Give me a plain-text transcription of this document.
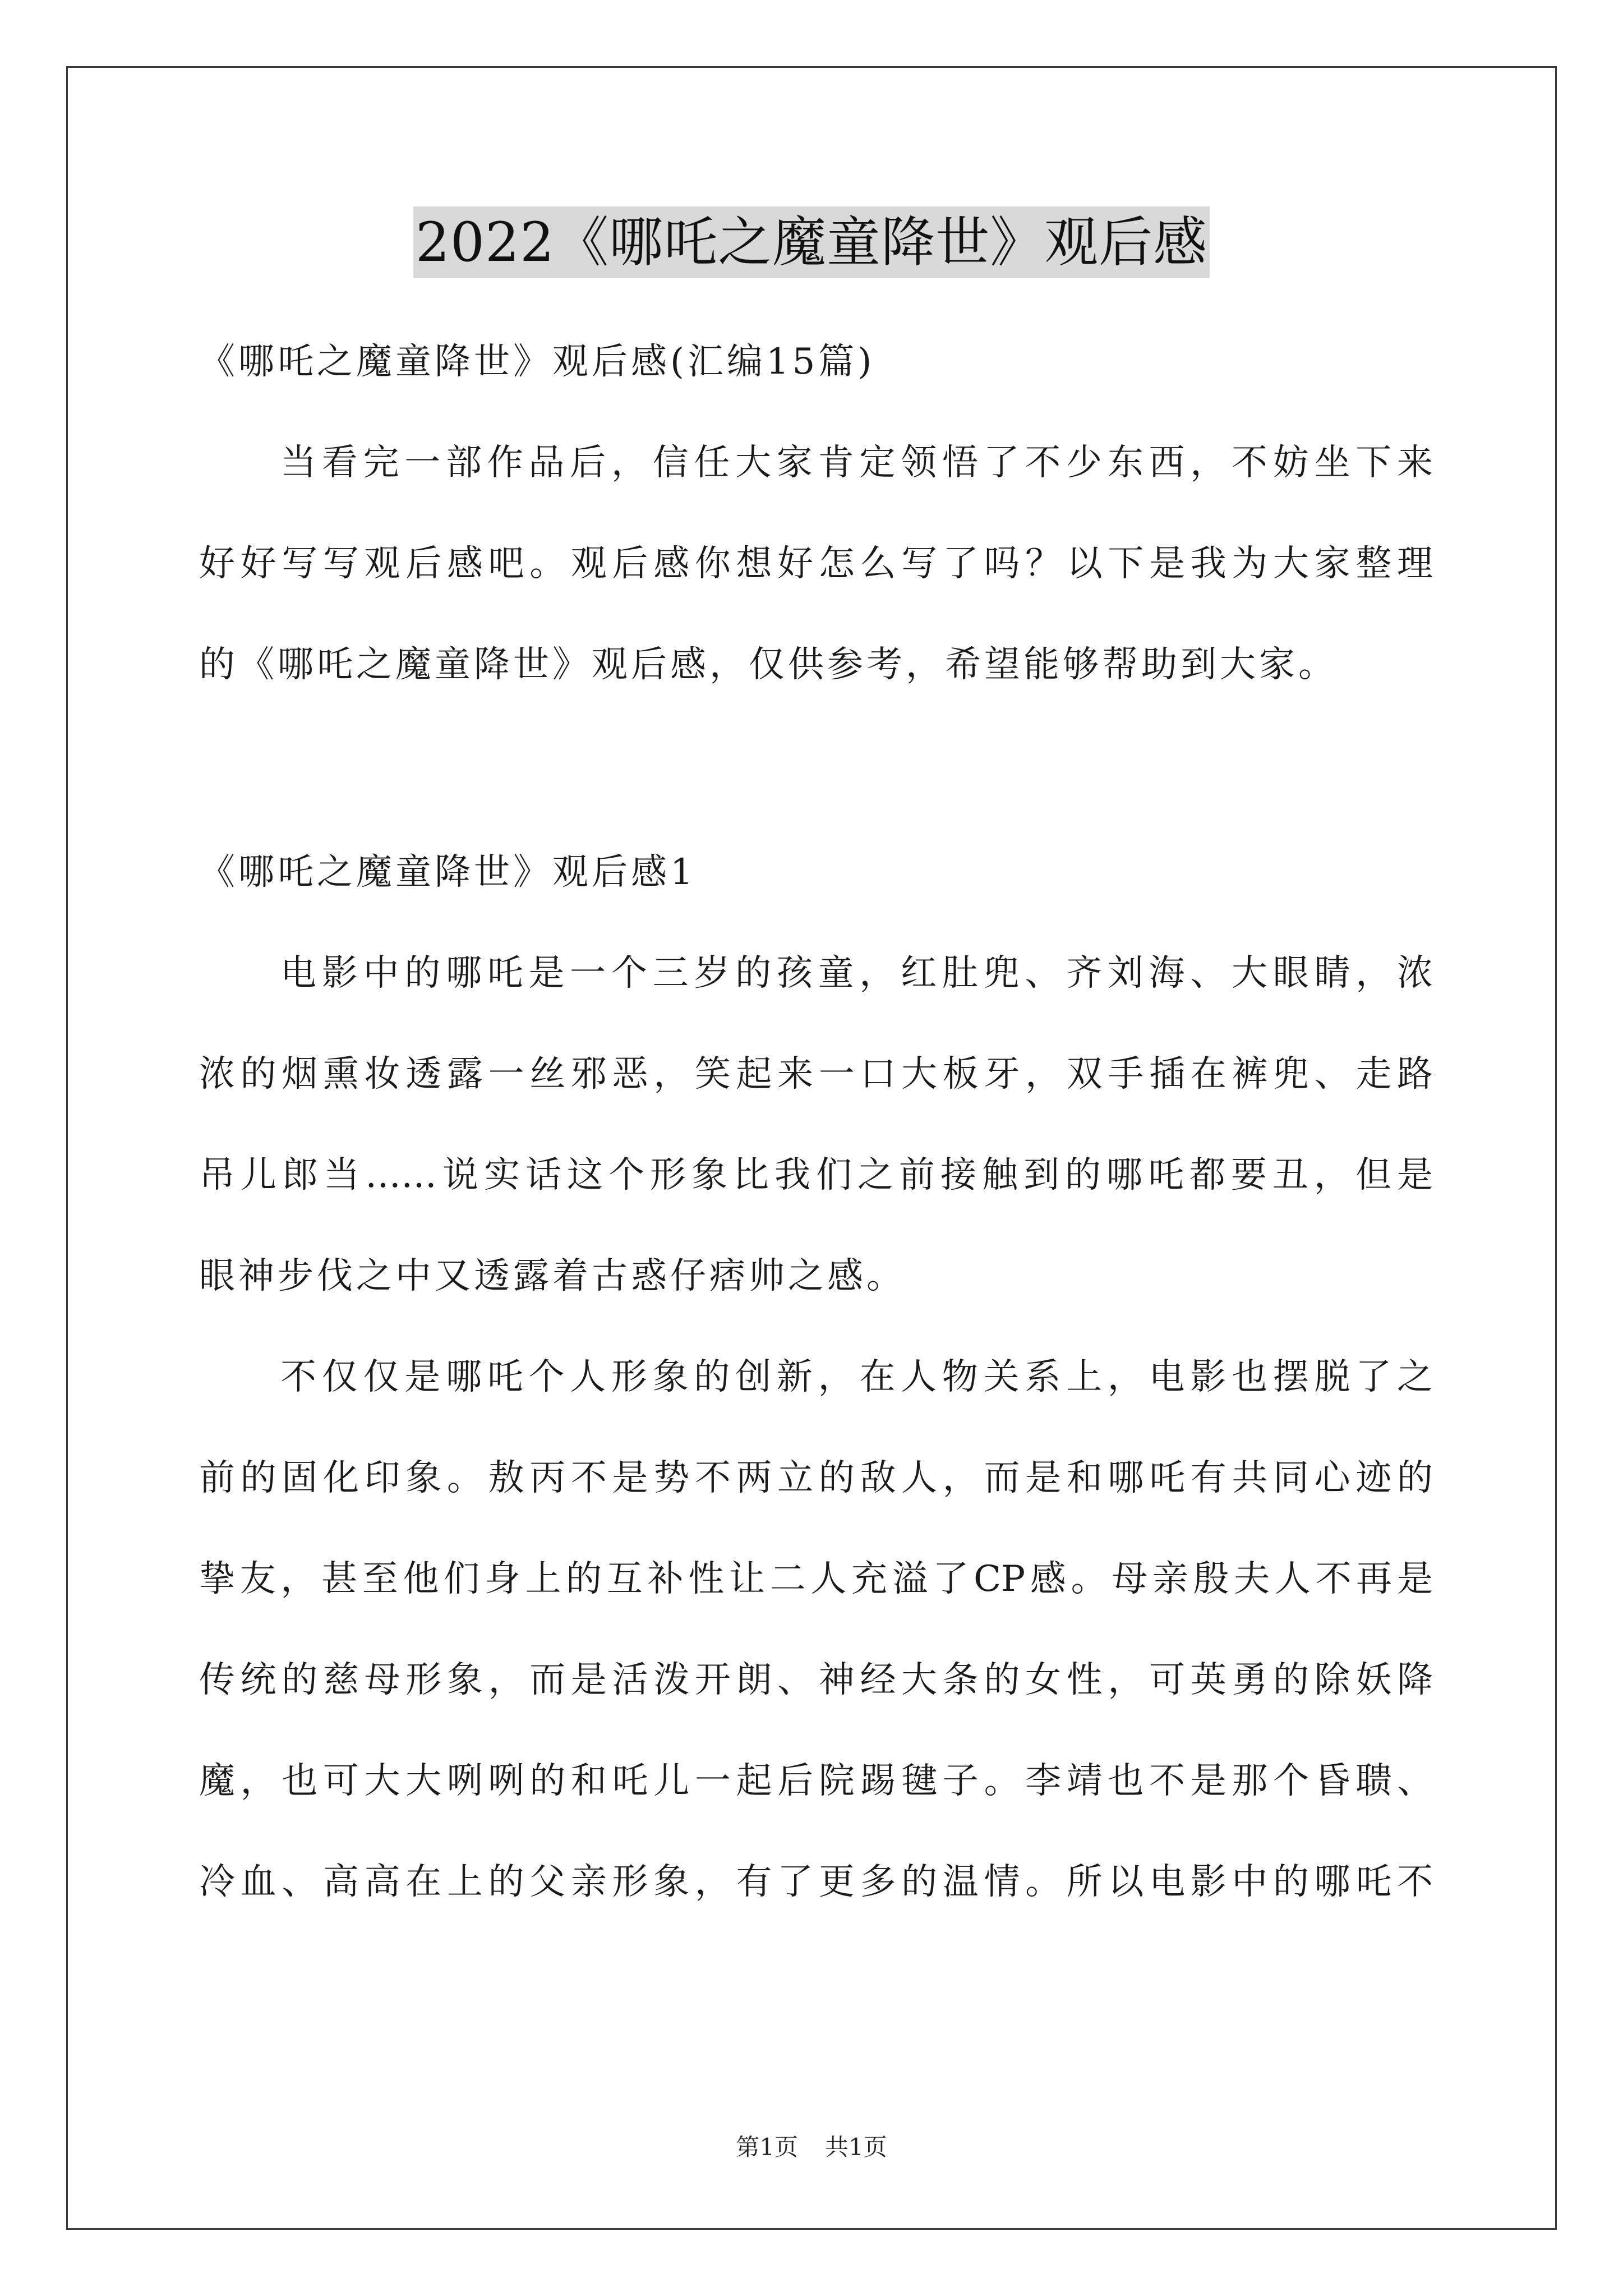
2022《哪吒之魔童降世》观后感
《哪吒之魔童降世》观后感(汇编15篇)
当看完一部作品后，信任大家肯定领悟了不少东西，不妨坐下来
好好写写观后感吧。观后感你想好怎么写了吗？以下是我为大家整理
的《哪吒之魔童降世》观后感，仅供参考，希望能够帮助到大家。
《哪吒之魔童降世》观后感1
电影中的哪吒是一个三岁的孩童，红肚兜、齐刘海、大眼睛，浓
浓的烟熏妆透露一丝邪恶，笑起来一口大板牙，双手插在裤兜、走路
吊儿郎当……说实话这个形象比我们之前接触到的哪吒都要丑，但是
眼神步伐之中又透露着古惑仔痞帅之感。
不仅仅是哪吒个人形象的创新，在人物关系上，电影也摆脱了之
前的固化印象。敖丙不是势不两立的敌人，而是和哪吒有共同心迹的
挚友，甚至他们身上的互补性让二人充溢了CP感。母亲殷夫人不再是
传统的慈母形象，而是活泼开朗、神经大条的女性，可英勇的除妖降
魔，也可大大咧咧的和吒儿一起后院踢毽子。李靖也不是那个昏聩、
冷血、高高在上的父亲形象，有了更多的温情。所以电影中的哪吒不
第1页 共1页
